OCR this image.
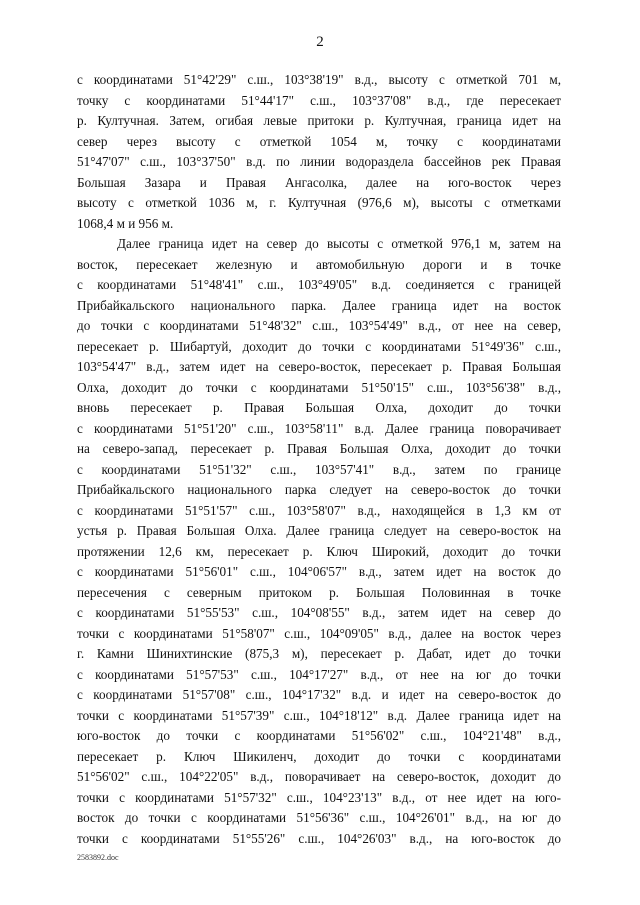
2
с координатами 51°42'29" с.ш., 103°38'19" в.д., высоту с отметкой 701 м,
точку с координатами 51°44'17" с.ш., 103°37'08" в.д., где пересекает
р. Култучная. Затем, огибая левые притоки р. Култучная, граница идет на
север через высоту с отметкой 1054 м, точку с координатами
51°47'07" с.ш., 103°37'50" в.д. по линии водораздела бассейнов рек Правая
Большая Зазара и Правая Ангасолка, далее на юго-восток через
высоту с отметкой 1036 м, г. Култучная (976,6 м), высоты с отметками
1068,4 м и 956 м.
Далее граница идет на север до высоты с отметкой 976,1 м, затем на
восток, пересекает железную и автомобильную дороги и в точке
с координатами 51°48'41" с.ш., 103°49'05" в.д. соединяется с границей
Прибайкальского национального парка. Далее граница идет на восток
до точки с координатами 51°48'32" с.ш., 103°54'49" в.д., от нее на север,
пересекает р. Шибартуй, доходит до точки с координатами 51°49'36" с.ш.,
103°54'47" в.д., затем идет на северо-восток, пересекает р. Правая Большая
Олха, доходит до точки с координатами 51°50'15" с.ш., 103°56'38" в.д.,
вновь пересекает р. Правая Большая Олха, доходит до точки
с координатами 51°51'20" с.ш., 103°58'11" в.д. Далее граница поворачивает
на северо-запад, пересекает р. Правая Большая Олха, доходит до точки
с координатами 51°51'32" с.ш., 103°57'41" в.д., затем по границе
Прибайкальского национального парка следует на северо-восток до точки
с координатами 51°51'57" с.ш., 103°58'07" в.д., находящейся в 1,3 км от
устья р. Правая Большая Олха. Далее граница следует на северо-восток на
протяжении 12,6 км, пересекает р. Ключ Широкий, доходит до точки
с координатами 51°56'01" с.ш., 104°06'57" в.д., затем идет на восток до
пересечения с северным притоком р. Большая Половинная в точке
с координатами 51°55'53" с.ш., 104°08'55" в.д., затем идет на север до
точки с координатами 51°58'07" с.ш., 104°09'05" в.д., далее на восток через
г. Камни Шинихтинские (875,3 м), пересекает р. Дабат, идет до точки
с координатами 51°57'53" с.ш., 104°17'27" в.д., от нее на юг до точки
с координатами 51°57'08" с.ш., 104°17'32" в.д. и идет на северо-восток до
точки с координатами 51°57'39" с.ш., 104°18'12" в.д. Далее граница идет на
юго-восток до точки с координатами 51°56'02" с.ш., 104°21'48" в.д.,
пересекает р. Ключ Шикиленч, доходит до точки с координатами
51°56'02" с.ш., 104°22'05" в.д., поворачивает на северо-восток, доходит до
точки с координатами 51°57'32" с.ш., 104°23'13" в.д., от нее идет на юго-
восток до точки с координатами 51°56'36" с.ш., 104°26'01" в.д., на юг до
точки с координатами 51°55'26" с.ш., 104°26'03" в.д., на юго-восток до
2583892.doc
